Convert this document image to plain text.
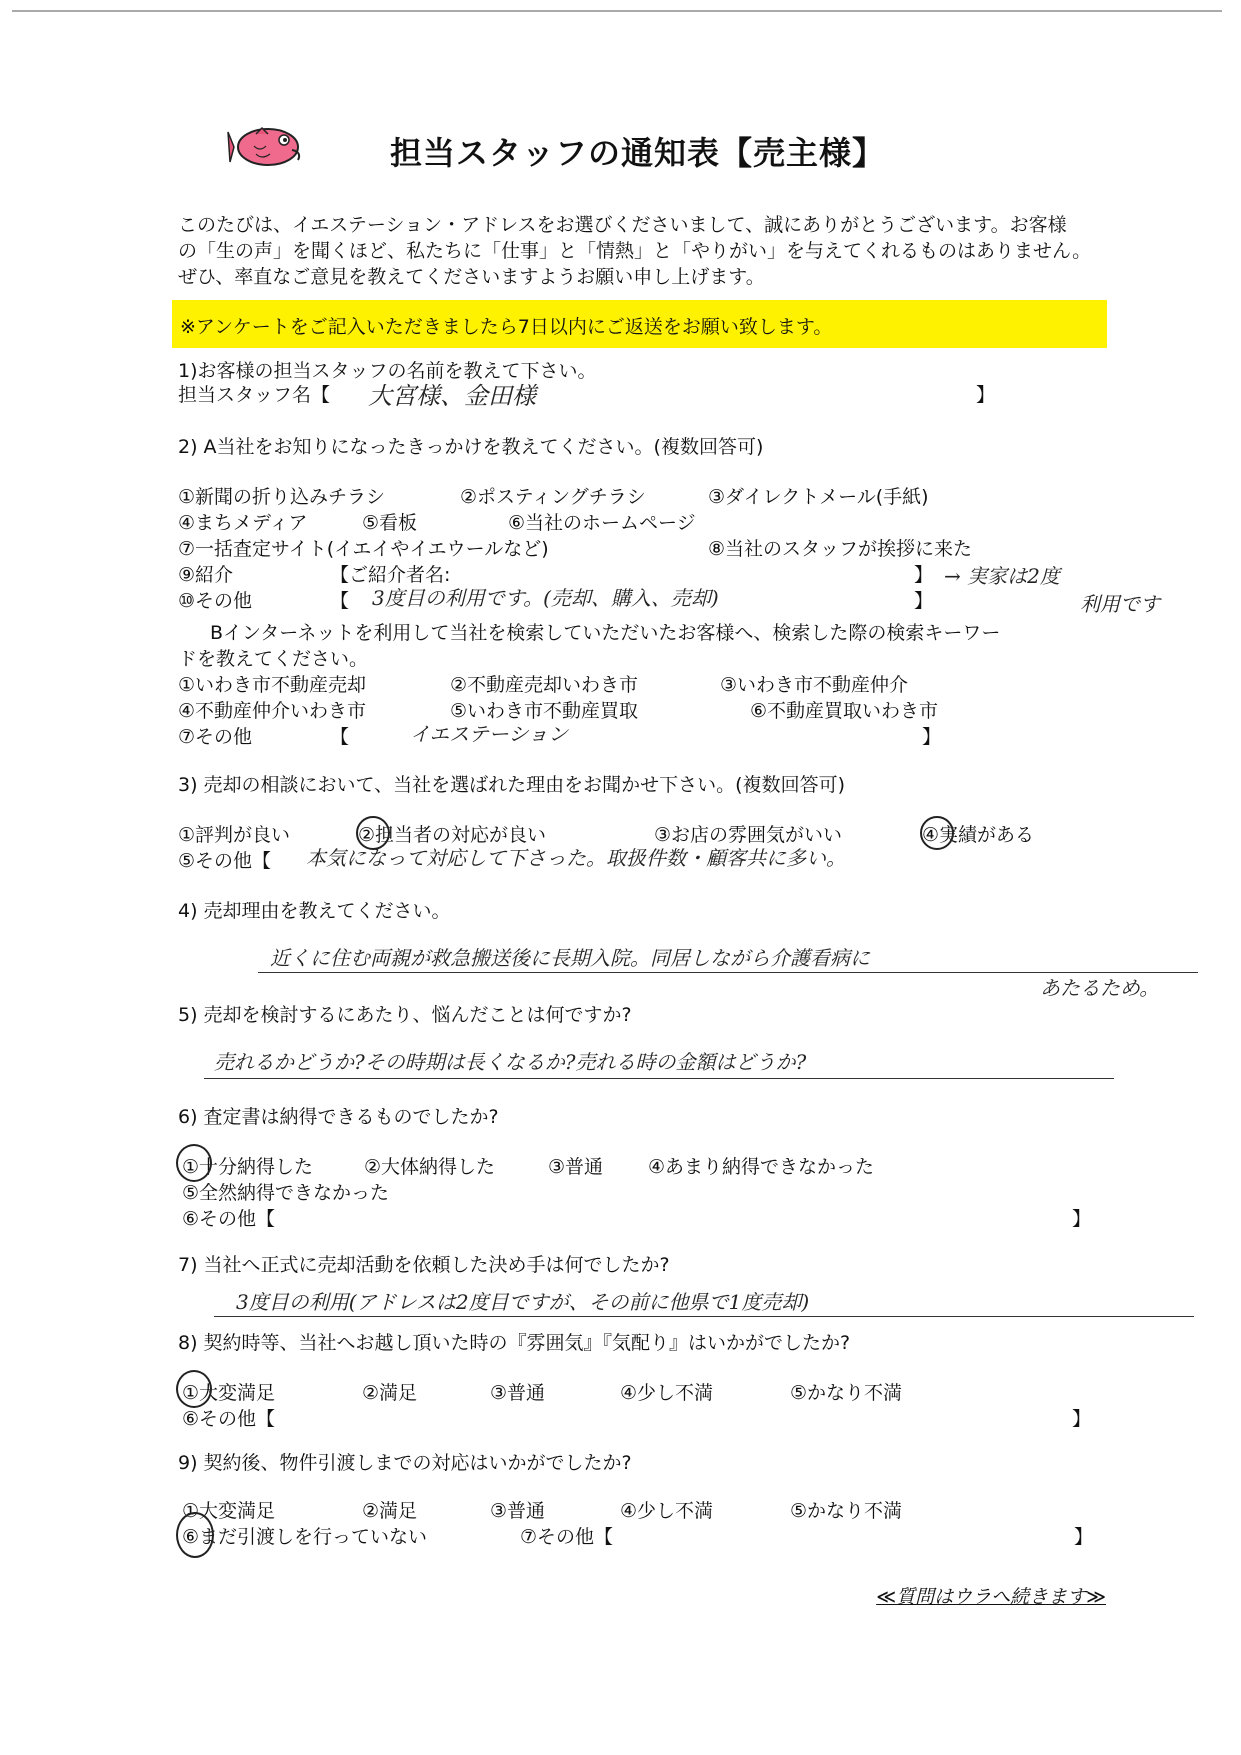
担当スタッフの通知表【売主様】
このたびは、イエステーション・アドレスをお選びくださいまして、誠にありがとうございます。お客様
の「生の声」を聞くほど、私たちに「仕事」と「情熱」と「やりがい」を与えてくれるものはありません。
ぜひ、率直なご意見を教えてくださいますようお願い申し上げます。
※アンケートをご記入いただきましたら7日以内にご返送をお願い致します。
1)お客様の担当スタッフの名前を教えて下さい。
担当スタッフ名【 大宮様、金田様	】
2) A当社をお知りになったきっかけを教えてください。(複数回答可)
①新聞の折り込みチラシ	②ポスティングチラシ	③ダイレクトメール(手紙)
④まちメディア	⑤看板	⑥当社のホームページ
⑦一括査定サイト(イエイやイエウールなど)	⑧当社のスタッフが挨拶に来た
⑨紹介	【ご紹介者名:	】
⑩その他	【 3度目の利用です。(売却、購入、売却)	】
→ 実家は2度
利用です
Bインターネットを利用して当社を検索していただいたお客様へ、検索した際の検索キーワー
ドを教えてください。
①いわき市不動産売却	②不動産売却いわき市	③いわき市不動産仲介
④不動産仲介いわき市	⑤いわき市不動産買取	⑥不動産買取いわき市
⑦その他	【	イエステーション	】
3) 売却の相談において、当社を選ばれた理由をお聞かせ下さい。(複数回答可)
①評判が良い	②担当者の対応が良い	③お店の雰囲気がいい	④実績がある
⑤その他【 本気になって対応して下さった。取扱件数・顧客共に多い。
4) 売却理由を教えてください。
近くに住む両親が救急搬送後に長期入院。同居しながら介護看病に
あたるため。
5) 売却を検討するにあたり、悩んだことは何ですか?
売れるかどうか?その時期は長くなるか?売れる時の金額はどうか?
6) 査定書は納得できるものでしたか?
①十分納得した	②大体納得した	③普通 ④あまり納得できなかった
⑤全然納得できなかった
⑥その他【	】
7) 当社へ正式に売却活動を依頼した決め手は何でしたか?
3度目の利用(アドレスは2度目ですが、その前に他県で1度売却)
8) 契約時等、当社へお越し頂いた時の『雰囲気』『気配り』はいかがでしたか?
①大変満足	②満足	③普通	④少し不満	⑤かなり不満
⑥その他【	】
9) 契約後、物件引渡しまでの対応はいかがでしたか?
①大変満足	②満足	③普通	④少し不満	⑤かなり不満
⑥まだ引渡しを行っていない	⑦その他【	】
≪質問はウラへ続きます≫
